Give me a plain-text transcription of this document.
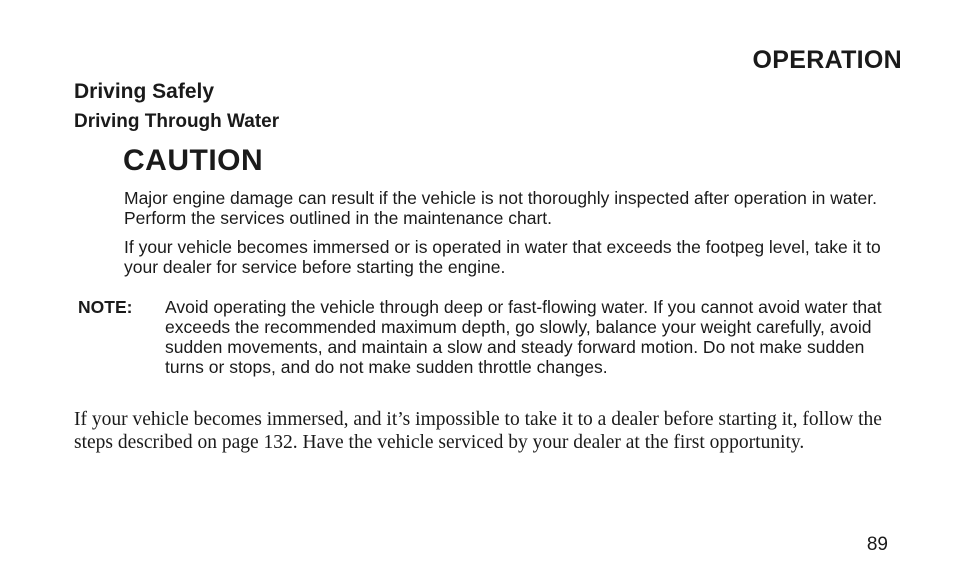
OPERATION
Driving Safely
Driving Through Water
CAUTION
Major engine damage can result if the vehicle is not thoroughly inspected after operation in water. Perform the services outlined in the maintenance chart.
If your vehicle becomes immersed or is operated in water that exceeds the footpeg level, take it to your dealer for service before starting the engine.
NOTE: Avoid operating the vehicle through deep or fast-flowing water. If you cannot avoid water that exceeds the recommended maximum depth, go slowly, balance your weight carefully, avoid sudden movements, and maintain a slow and steady forward motion. Do not make sudden turns or stops, and do not make sudden throttle changes.
If your vehicle becomes immersed, and it’s impossible to take it to a dealer before starting it, follow the steps described on page 132. Have the vehicle serviced by your dealer at the first opportunity.
89
